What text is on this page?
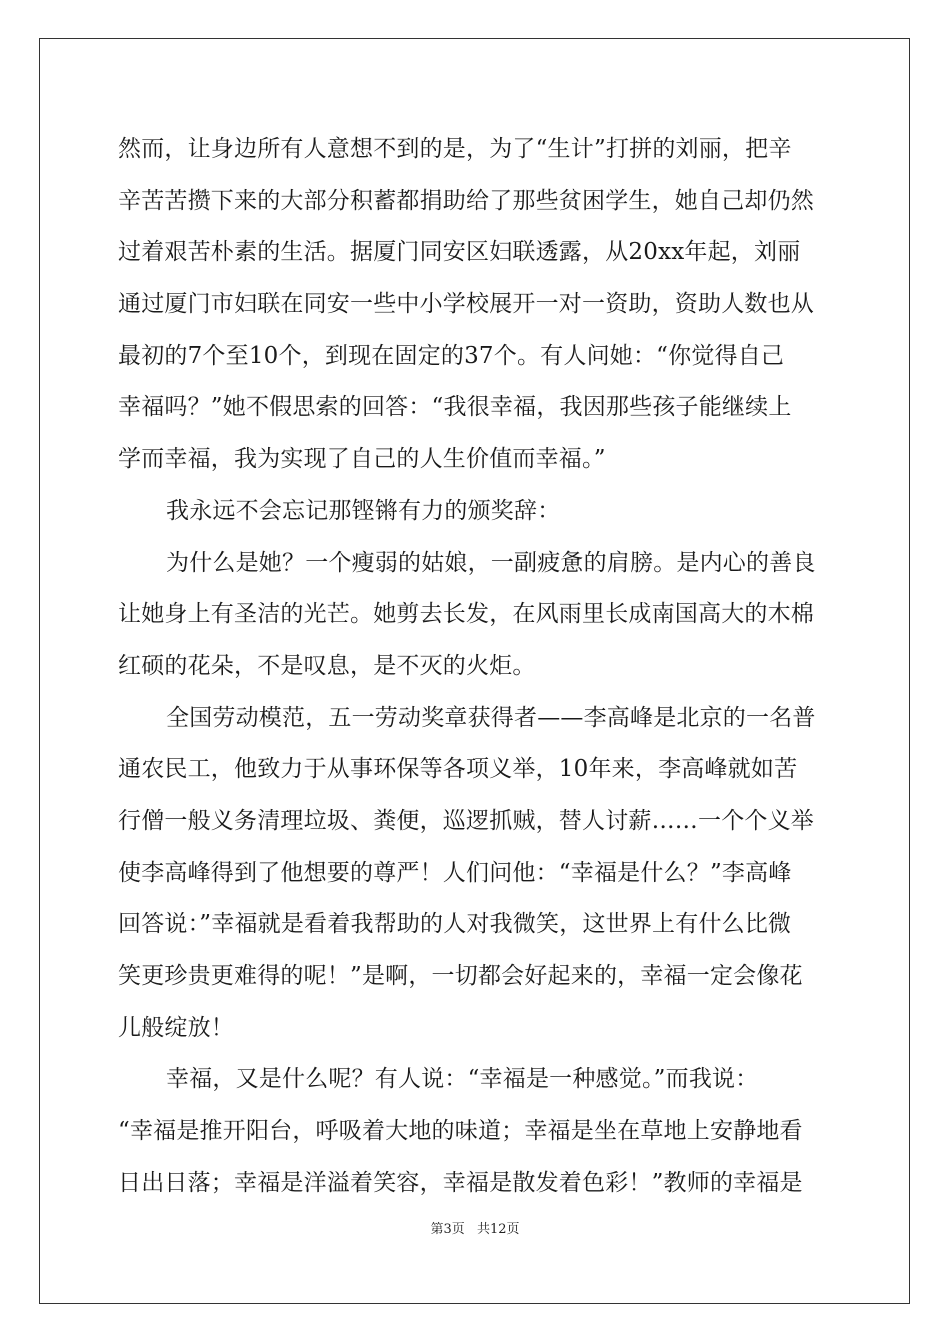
然而，让身边所有人意想不到的是，为了“生计”打拼的刘丽，把辛
辛苦苦攒下来的大部分积蓄都捐助给了那些贫困学生，她自己却仍然
过着艰苦朴素的生活。据厦门同安区妇联透露，从20xx年起，刘丽
通过厦门市妇联在同安一些中小学校展开一对一资助，资助人数也从
最初的7个至10个，到现在固定的37个。有人问她：“你觉得自己
幸福吗？”她不假思索的回答：“我很幸福，我因那些孩子能继续上
学而幸福，我为实现了自己的人生价值而幸福。”
我永远不会忘记那铿锵有力的颁奖辞：
为什么是她？一个瘦弱的姑娘，一副疲惫的肩膀。是内心的善良
让她身上有圣洁的光芒。她剪去长发，在风雨里长成南国高大的木棉
红硕的花朵，不是叹息，是不灭的火炬。
全国劳动模范，五一劳动奖章获得者——李高峰是北京的一名普
通农民工，他致力于从事环保等各项义举，10年来，李高峰就如苦
行僧一般义务清理垃圾、粪便，巡逻抓贼，替人讨薪……一个个义举
使李高峰得到了他想要的尊严！人们问他：“幸福是什么？”李高峰
回答说：”幸福就是看着我帮助的人对我微笑，这世界上有什么比微
笑更珍贵更难得的呢！”是啊，一切都会好起来的，幸福一定会像花
儿般绽放！
幸福，又是什么呢？有人说：“幸福是一种感觉。”而我说：
“幸福是推开阳台，呼吸着大地的味道；幸福是坐在草地上安静地看
日出日落；幸福是洋溢着笑容，幸福是散发着色彩！”教师的幸福是
第3页 共12页
